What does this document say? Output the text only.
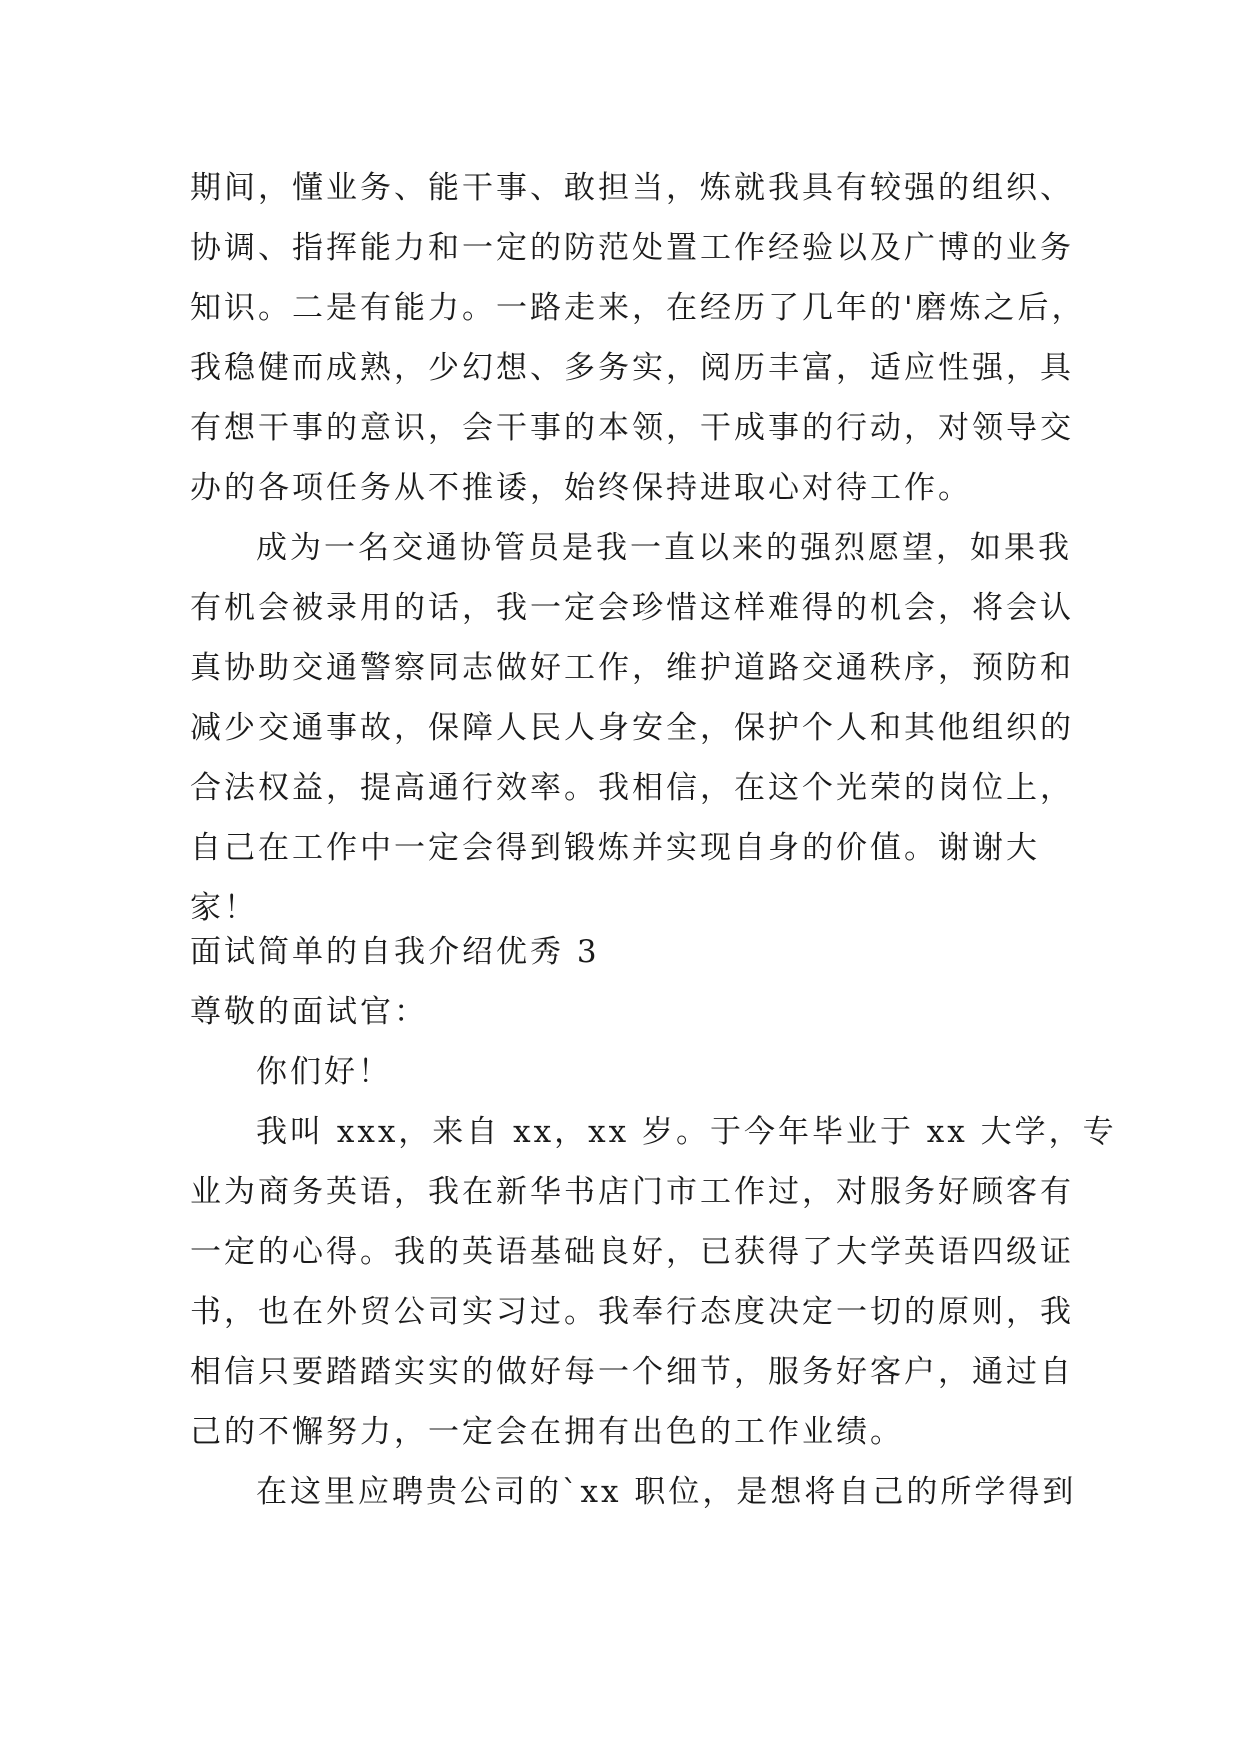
期间，懂业务、能干事、敢担当，炼就我具有较强的组织、
协调、指挥能力和一定的防范处置工作经验以及广博的业务
知识。二是有能力。一路走来，在经历了几年的'磨炼之后，
我稳健而成熟，少幻想、多务实，阅历丰富，适应性强，具
有想干事的意识，会干事的本领，干成事的行动，对领导交
办的各项任务从不推诿，始终保持进取心对待工作。
成为一名交通协管员是我一直以来的强烈愿望，如果我
有机会被录用的话，我一定会珍惜这样难得的机会，将会认
真协助交通警察同志做好工作，维护道路交通秩序，预防和
减少交通事故，保障人民人身安全，保护个人和其他组织的
合法权益，提高通行效率。我相信，在这个光荣的岗位上，
自己在工作中一定会得到锻炼并实现自身的价值。谢谢大
家！
面试简单的自我介绍优秀 3
尊敬的面试官：
你们好！
我叫 xxx，来自 xx，xx 岁。于今年毕业于 xx 大学，专
业为商务英语，我在新华书店门市工作过，对服务好顾客有
一定的心得。我的英语基础良好，已获得了大学英语四级证
书，也在外贸公司实习过。我奉行态度决定一切的原则，我
相信只要踏踏实实的做好每一个细节，服务好客户，通过自
己的不懈努力，一定会在拥有出色的工作业绩。
在这里应聘贵公司的`xx 职位，是想将自己的所学得到
